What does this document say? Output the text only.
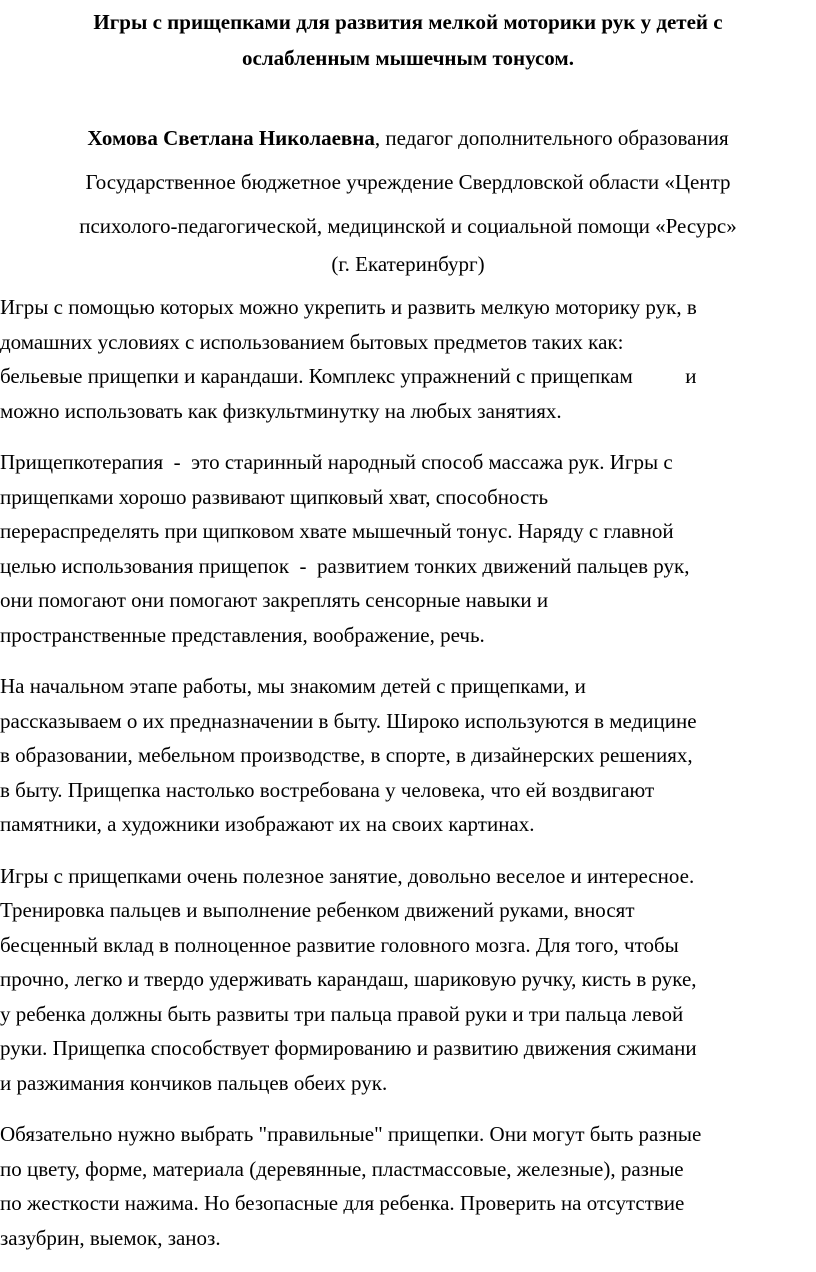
Игры с прищепками для развития мелкой моторики рук у детей с
ослабленным мышечным тонусом.
Хомова Светлана Николаевна, педагог дополнительного образования
Государственное бюджетное учреждение Свердловской области «Центр
психолого-педагогической, медицинской и социальной помощи «Ресурс»
(г. Екатеринбург)

Игры с помощью которых можно укрепить и развить мелкую моторику рук, в
домашних условиях с использованием бытовых предметов таких как:
бельевые прищепки и карандаши. Комплекс упражнений с прищепкам          и
можно использовать как физкультминутку на любых занятиях.

Прищепкотерапия  -  это старинный народный способ массажа рук. Игры с
прищепками хорошо развивают щипковый хват, способность
перераспределять при щипковом хвате мышечный тонус. Наряду с главной
целью использования прищепок  -  развитием тонких движений пальцев рук,
они помогают они помогают закреплять сенсорные навыки и
пространственные представления, воображение, речь.

На начальном этапе работы, мы знакомим детей с прищепками, и
рассказываем о их предназначении в быту. Широко используются в медицине
в образовании, мебельном производстве, в спорте, в дизайнерских решениях,
в быту. Прищепка настолько востребована у человека, что ей воздвигают
памятники, а художники изображают их на своих картинах.

Игры с прищепками очень полезное занятие, довольно веселое и интересное.
Тренировка пальцев и выполнение ребенком движений руками, вносят
бесценный вклад в полноценное развитие головного мозга. Для того, чтобы
прочно, легко и твердо удерживать карандаш, шариковую ручку, кисть в руке,
у ребенка должны быть развиты три пальца правой руки и три пальца левой
руки. Прищепка способствует формированию и развитию движения сжимани
и разжимания кончиков пальцев обеих рук.

Обязательно нужно выбрать "правильные" прищепки. Они могут быть разные
по цвету, форме, материала (деревянные, пластмассовые, железные), разные
по жесткости нажима. Но безопасные для ребенка. Проверить на отсутствие
зазубрин, выемок, заноз.
